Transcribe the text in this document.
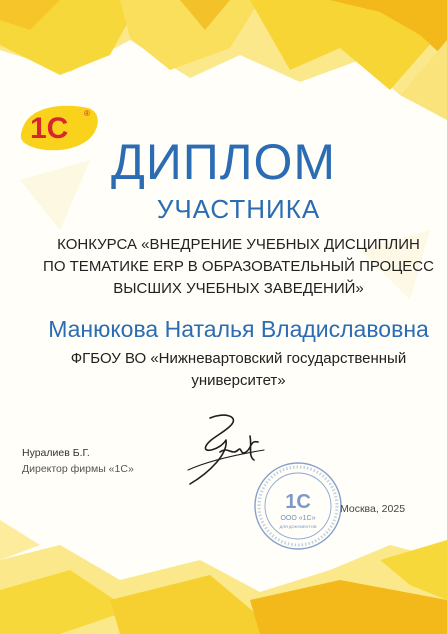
1С ®
ДИПЛОМ
УЧАСТНИКА
КОНКУРСА «ВНЕДРЕНИЕ УЧЕБНЫХ ДИСЦИПЛИН
ПО ТЕМАТИКЕ ERP В ОБРАЗОВАТЕЛЬНЫЙ ПРОЦЕСС
ВЫСШИХ УЧЕБНЫХ ЗАВЕДЕНИЙ»
Манюкова Наталья Владиславовна
ФГБОУ ВО «Нижневартовский государственный
университет»
Нуралиев Б.Г.
Директор фирмы «1С»
1С
ООО «1С»
ДЛЯ ДОКУМЕНТОВ
Москва, 2025
